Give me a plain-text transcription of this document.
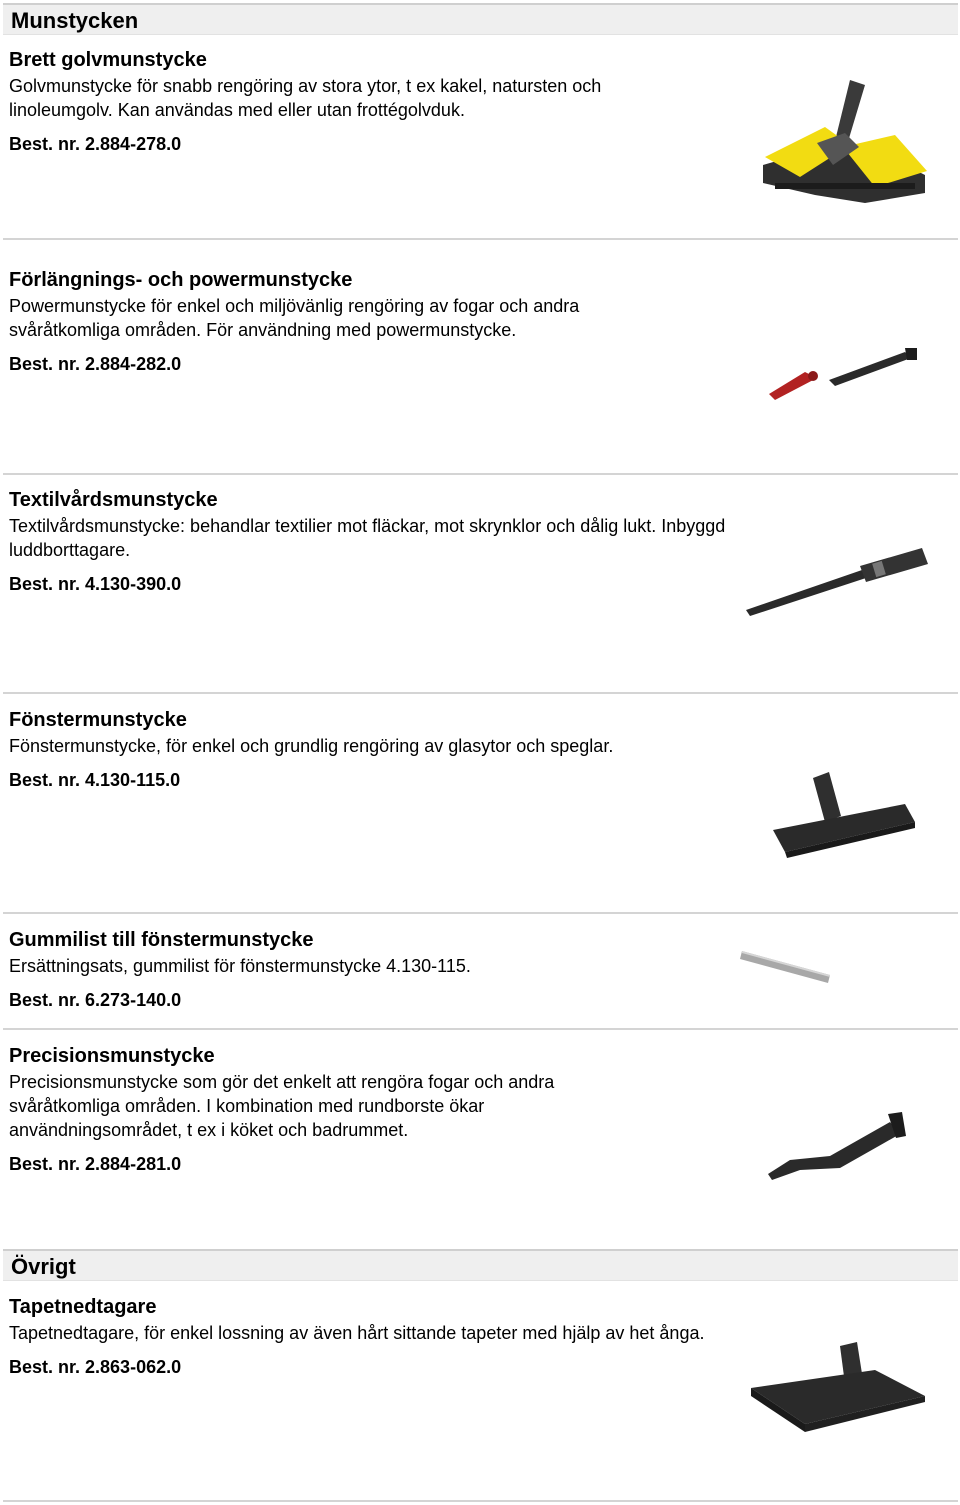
Munstycken

Brett golvmunstycke

Golvmunstycke för snabb rengöring av stora ytor, t ex kakel, natursten och linoleumgolv. Kan användas med eller utan frottégolvduk.

Best. nr. 2.884-278.0

Förlängnings- och powermunstycke

Powermunstycke för enkel och miljövänlig rengöring av fogar och andra svåråtkomliga områden. För användning med powermunstycke.

Best. nr. 2.884-282.0

Textilvårdsmunstycke

Textilvårdsmunstycke: behandlar textilier mot fläckar, mot skrynklor och dålig lukt. Inbyggd luddborttagare.

Best. nr. 4.130-390.0

Fönstermunstycke

Fönstermunstycke, för enkel och grundlig rengöring av glasytor och speglar.

Best. nr. 4.130-115.0

Gummilist till fönstermunstycke

Ersättningsats, gummilist för fönstermunstycke 4.130-115.

Best. nr. 6.273-140.0

Precisionsmunstycke

Precisionsmunstycke som gör det enkelt att rengöra fogar och andra svåråtkomliga områden. I kombination med rundborste ökar användningsområdet, t ex i köket och badrummet.

Best. nr. 2.884-281.0
Övrigt

Tapetnedtagare

Tapetnedtagare, för enkel lossning av även hårt sittande tapeter med hjälp av het ånga.

Best. nr. 2.863-062.0
